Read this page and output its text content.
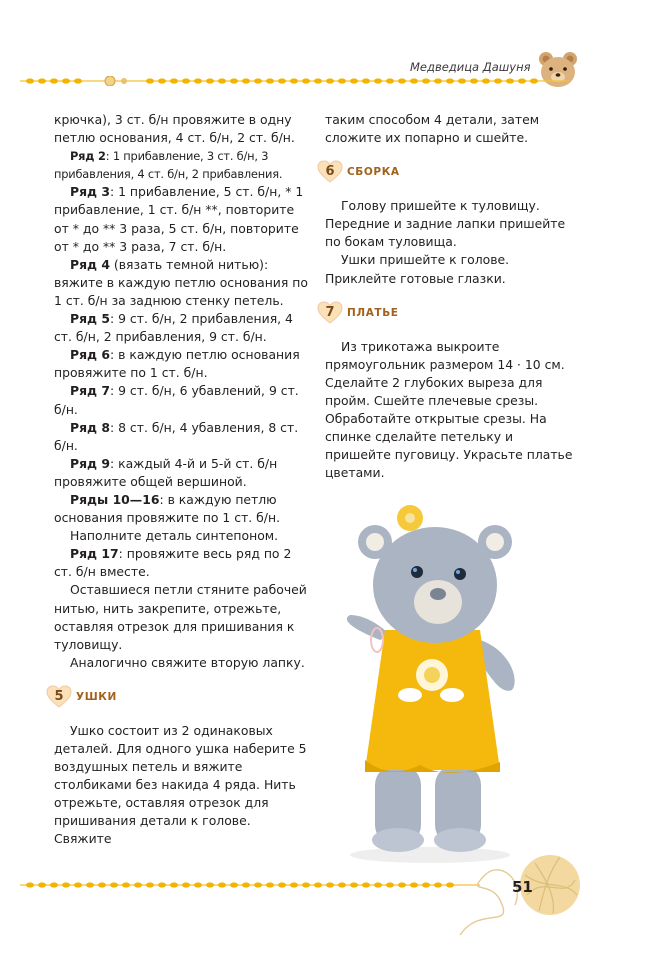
Медведица Дашуня

крючка), 3 ст. б/н провяжите в одну петлю основания, 4 ст. б/н, 2 ст. б/н.

Ряд 2: 1 прибавление, 3 ст. б/н, 3 прибавления, 4 ст. б/н, 2 прибавления.

Ряд 3: 1 прибавление, 5 ст. б/н, * 1 прибавление, 1 ст. б/н **, повторите от * до ** 3 раза, 5 ст. б/н, повторите от * до ** 3 раза, 7 ст. б/н.

Ряд 4 (вязать темной нитью): вяжите в каждую петлю основания по 1 ст. б/н за заднюю стенку петель.

Ряд 5: 9 ст. б/н, 2 прибавления, 4 ст. б/н, 2 прибавления, 9 ст. б/н.

Ряд 6: в каждую петлю основания провяжите по 1 ст. б/н.

Ряд 7: 9 ст. б/н, 6 убавлений, 9 ст. б/н.

Ряд 8: 8 ст. б/н, 4 убавления, 8 ст. б/н.

Ряд 9: каждый 4-й и 5-й ст. б/н провяжите общей вершиной.

Ряды 10—16: в каждую петлю основания провяжите по 1 ст. б/н.

Наполните деталь синтепоном.

Ряд 17: провяжите весь ряд по 2 ст. б/н вместе.

Оставшиеся петли стяните рабочей нитью, нить закрепите, отрежьте, оставляя отрезок для пришивания к туловищу.

Аналогично свяжите вторую лапку.

5 УШКИ

Ушко состоит из 2 одинаковых деталей. Для одного ушка наберите 5 воздушных петель и вяжите столбиками без накида 4 ряда. Нить отрежьте, оставляя отрезок для пришивания детали к голове. Свяжите

таким способом 4 детали, затем сложите их попарно и сшейте.

6 СБОРКА

Голову пришейте к туловищу. Передние и задние лапки пришейте по бокам туловища.

Ушки пришейте к голове. Приклейте готовые глазки.

7 ПЛАТЬЕ

Из трикотажа выкроите прямоугольник размером 14 · 10 см. Сделайте 2 глубоких выреза для пройм. Сшейте плечевые срезы. Обработайте открытые срезы. На спинке сделайте петельку и пришейте пуговицу. Украсьте платье цветами.

51
